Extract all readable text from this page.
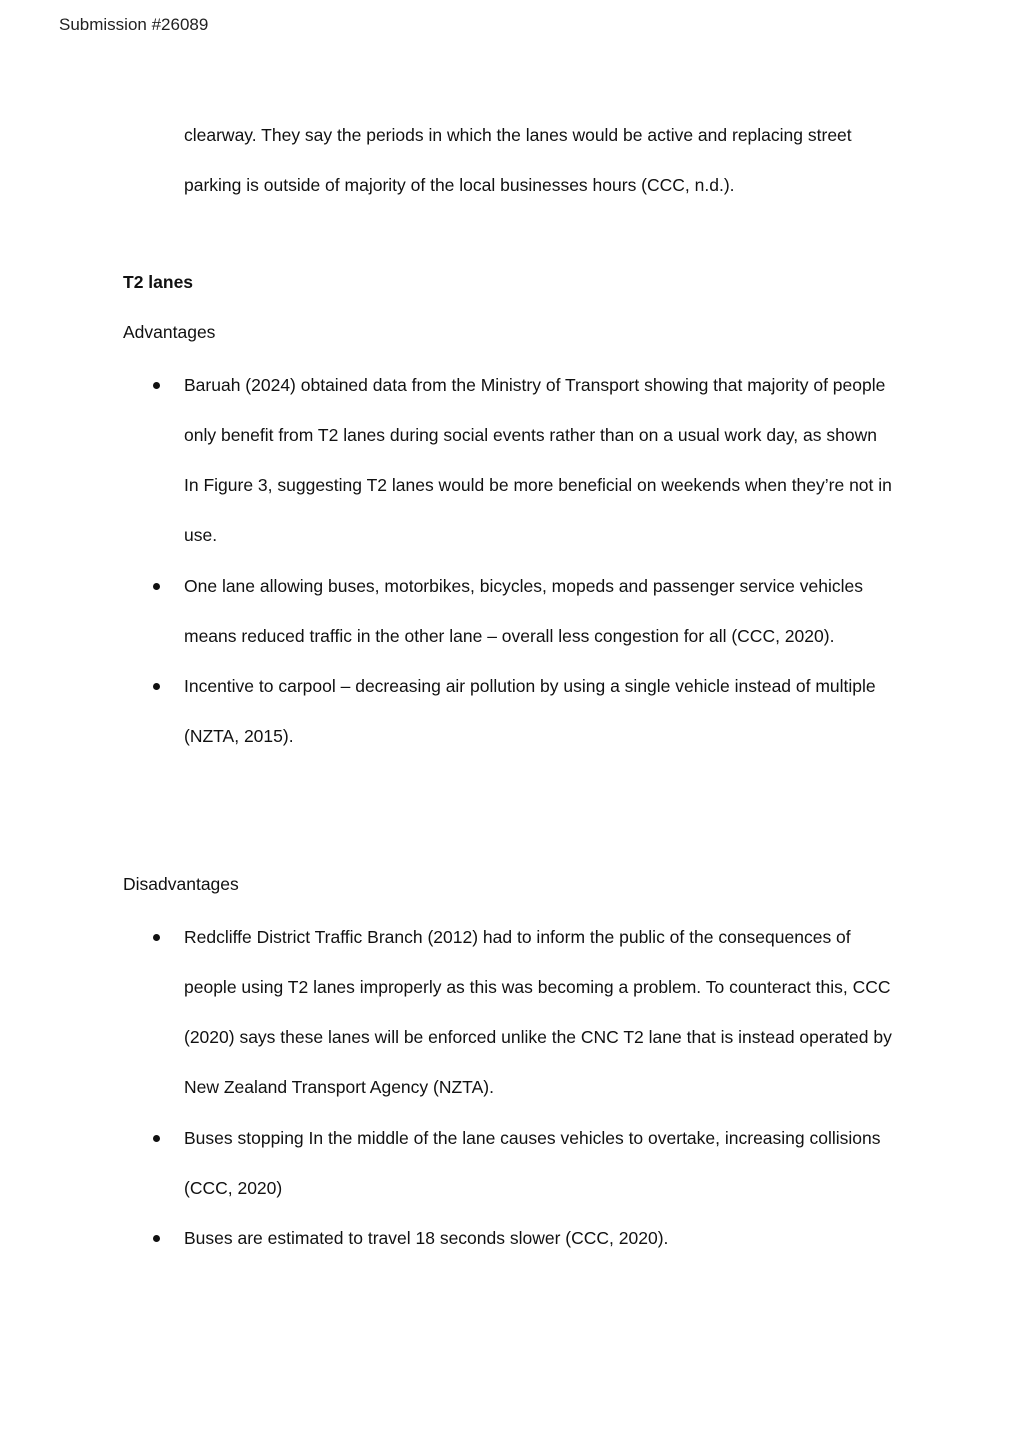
Submission #26089
clearway. They say the periods in which the lanes would be active and replacing street parking is outside of majority of the local businesses hours (CCC, n.d.).
T2 lanes
Advantages
Baruah (2024) obtained data from the Ministry of Transport showing that majority of people only benefit from T2 lanes during social events rather than on a usual work day, as shown In Figure 3, suggesting T2 lanes would be more beneficial on weekends when they’re not in use.
One lane allowing buses, motorbikes, bicycles, mopeds and passenger service vehicles means reduced traffic in the other lane – overall less congestion for all (CCC, 2020).
Incentive to carpool – decreasing air pollution by using a single vehicle instead of multiple (NZTA, 2015).
Disadvantages
Redcliffe District Traffic Branch (2012) had to inform the public of the consequences of people using T2 lanes improperly as this was becoming a problem. To counteract this, CCC (2020) says these lanes will be enforced unlike the CNC T2 lane that is instead operated by New Zealand Transport Agency (NZTA).
Buses stopping In the middle of the lane causes vehicles to overtake, increasing collisions (CCC, 2020)
Buses are estimated to travel 18 seconds slower (CCC, 2020).
